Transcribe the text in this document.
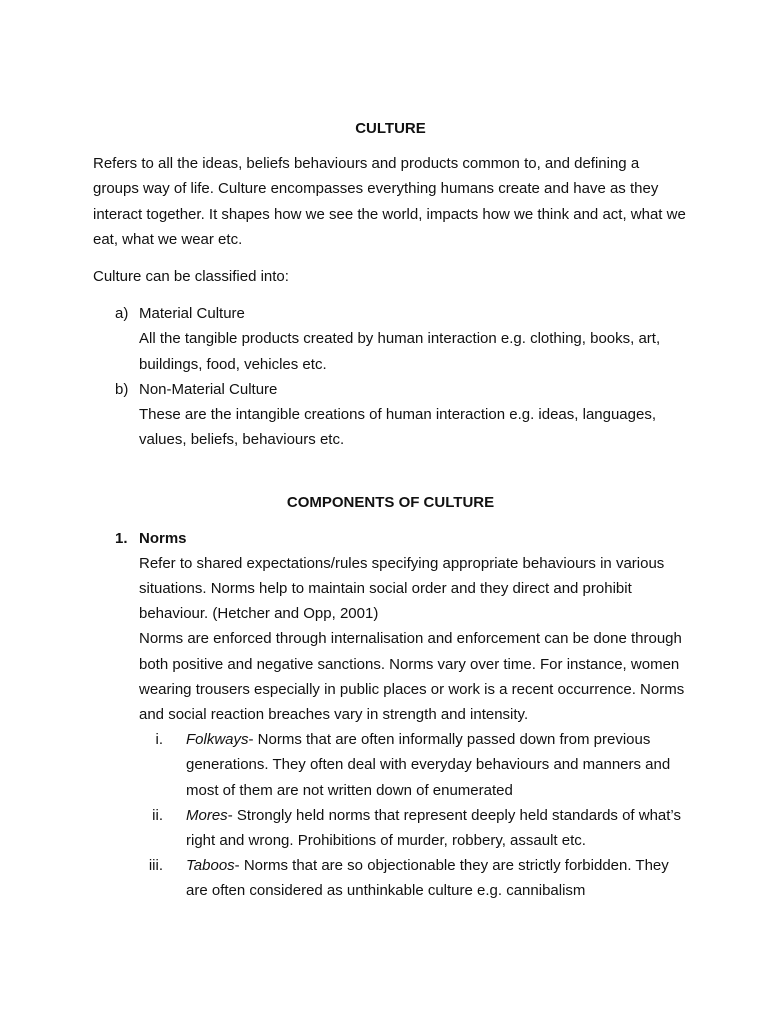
CULTURE

Refers to all the ideas, beliefs behaviours and products common to, and defining a groups way of life. Culture encompasses everything humans create and have as they interact together. It shapes how we see the world, impacts how we think and act, what we eat, what we wear etc.

Culture can be classified into:

a) Material Culture
All the tangible products created by human interaction e.g. clothing, books, art, buildings, food, vehicles etc.
b) Non-Material Culture
These are the intangible creations of human interaction e.g. ideas, languages, values, beliefs, behaviours etc.

COMPONENTS OF CULTURE

1. Norms
Refer to shared expectations/rules specifying appropriate behaviours in various situations. Norms help to maintain social order and they direct and prohibit behaviour. (Hetcher and Opp, 2001)
Norms are enforced through internalisation and enforcement can be done through both positive and negative sanctions. Norms vary over time. For instance, women wearing trousers especially in public places or work is a recent occurrence. Norms and social reaction breaches vary in strength and intensity.
i. Folkways- Norms that are often informally passed down from previous generations. They often deal with everyday behaviours and manners and most of them are not written down of enumerated
ii. Mores- Strongly held norms that represent deeply held standards of what’s right and wrong. Prohibitions of murder, robbery, assault etc.
iii. Taboos- Norms that are so objectionable they are strictly forbidden. They are often considered as unthinkable culture e.g. cannibalism
